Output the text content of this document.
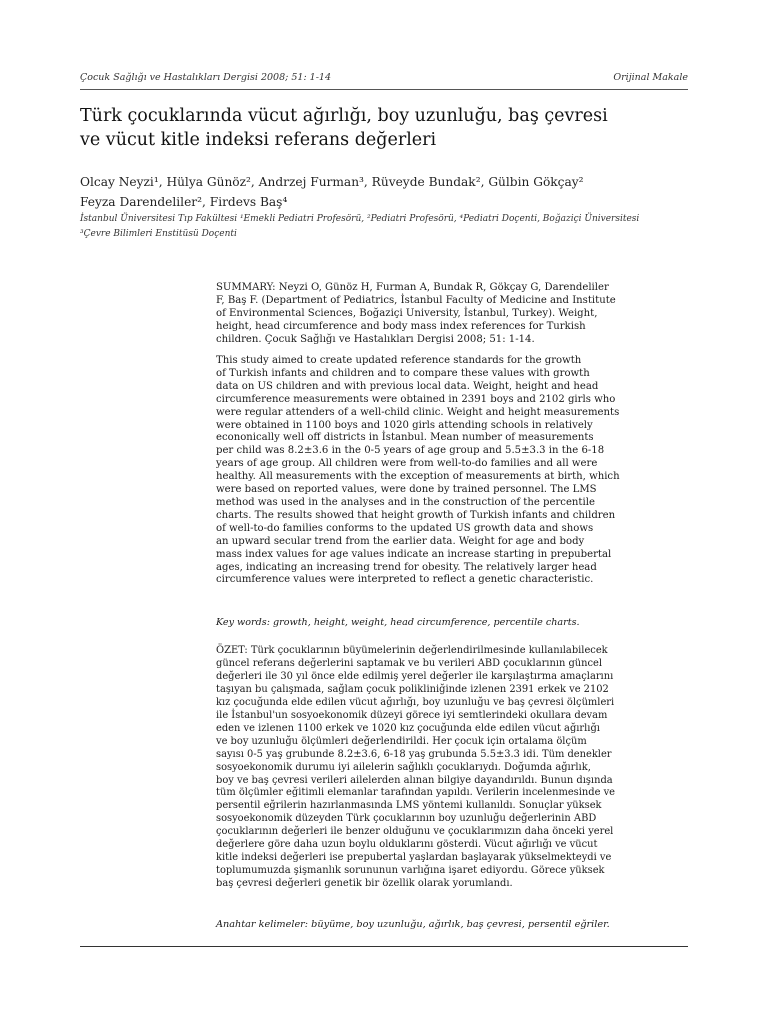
Çocuk Sağlığı ve Hastalıkları Dergisi 2008; 51: 1-14	Orijinal Makale
Türk çocuklarında vücut ağırlığı, boy uzunluğu, baş çevresi
ve vücut kitle indeksi referans değerleri
Olcay Neyzi¹, Hülya Günöz², Andrzej Furman³, Rüveyde Bundak², Gülbin Gökçay²
Feyza Darendeliler², Firdevs Baş⁴
İstanbul Üniversitesi Tıp Fakültesi ¹Emekli Pediatri Profesörü, ²Pediatri Profesörü, ⁴Pediatri Doçenti, Boğaziçi Üniversitesi
³Çevre Bilimleri Enstitüsü Doçenti
SUMMARY: Neyzi O, Günöz H, Furman A, Bundak R, Gökçay G, Darendeliler
F, Baş F. (Department of Pediatrics, İstanbul Faculty of Medicine and Institute
of Environmental Sciences, Boğaziçi University, İstanbul, Turkey). Weight,
height, head circumference and body mass index references for Turkish
children. Çocuk Sağlığı ve Hastalıkları Dergisi 2008; 51: 1-14.
This study aimed to create updated reference standards for the growth
of Turkish infants and children and to compare these values with growth
data on US children and with previous local data. Weight, height and head
circumference measurements were obtained in 2391 boys and 2102 girls who
were regular attenders of a well-child clinic. Weight and height measurements
were obtained in 1100 boys and 1020 girls attending schools in relatively
econonically well off districts in İstanbul. Mean number of measurements
per child was 8.2±3.6 in the 0-5 years of age group and 5.5±3.3 in the 6-18
years of age group. All children were from well-to-do families and all were
healthy. All measurements with the exception of measurements at birth, which
were based on reported values, were done by trained personnel. The LMS
method was used in the analyses and in the construction of the percentile
charts. The results showed that height growth of Turkish infants and children
of well-to-do families conforms to the updated US growth data and shows
an upward secular trend from the earlier data. Weight for age and body
mass index values for age values indicate an increase starting in prepubertal
ages, indicating an increasing trend for obesity. The relatively larger head
circumference values were interpreted to reflect a genetic characteristic.
Key words: growth, height, weight, head circumference, percentile charts.
ÖZET: Türk çocuklarının büyümelerinin değerlendirilmesinde kullanılabilecek
güncel referans değerlerini saptamak ve bu verileri ABD çocuklarının güncel
değerleri ile 30 yıl önce elde edilmiş yerel değerler ile karşılaştırma amaçlarını
taşıyan bu çalışmada, sağlam çocuk polikliniğinde izlenen 2391 erkek ve 2102
kız çocuğunda elde edilen vücut ağırlığı, boy uzunluğu ve baş çevresi ölçümleri
ile İstanbul'un sosyoekonomik düzeyi görece iyi semtlerindeki okullara devam
eden ve izlenen 1100 erkek ve 1020 kız çocuğunda elde edilen vücut ağırlığı
ve boy uzunluğu ölçümleri değerlendirildi. Her çocuk için ortalama ölçüm
sayısı 0-5 yaş grubunde 8.2±3.6, 6-18 yaş grubunda 5.5±3.3 idi. Tüm denekler
sosyoekonomik durumu iyi ailelerin sağlıklı çocuklarıydı. Doğumda ağırlık,
boy ve baş çevresi verileri ailelerden alınan bilgiye dayandırıldı. Bunun dışında
tüm ölçümler eğitimli elemanlar tarafından yapıldı. Verilerin incelenmesinde ve
persentil eğrilerin hazırlanmasında LMS yöntemi kullanıldı. Sonuçlar yüksek
sosyoekonomik düzeyden Türk çocuklarının boy uzunluğu değerlerinin ABD
çocuklarının değerleri ile benzer olduğunu ve çocuklarımızın daha önceki yerel
değerlere göre daha uzun boylu olduklarını gösterdi. Vücut ağırlığı ve vücut
kitle indeksi değerleri ise prepubertal yaşlardan başlayarak yükselmekteydi ve
toplumumuzda şişmanlık sorununun varlığına işaret ediyordu. Görece yüksek
baş çevresi değerleri genetik bir özellik olarak yorumlandı.
Anahtar kelimeler: büyüme, boy uzunluğu, ağırlık, baş çevresi, persentil eğriler.
